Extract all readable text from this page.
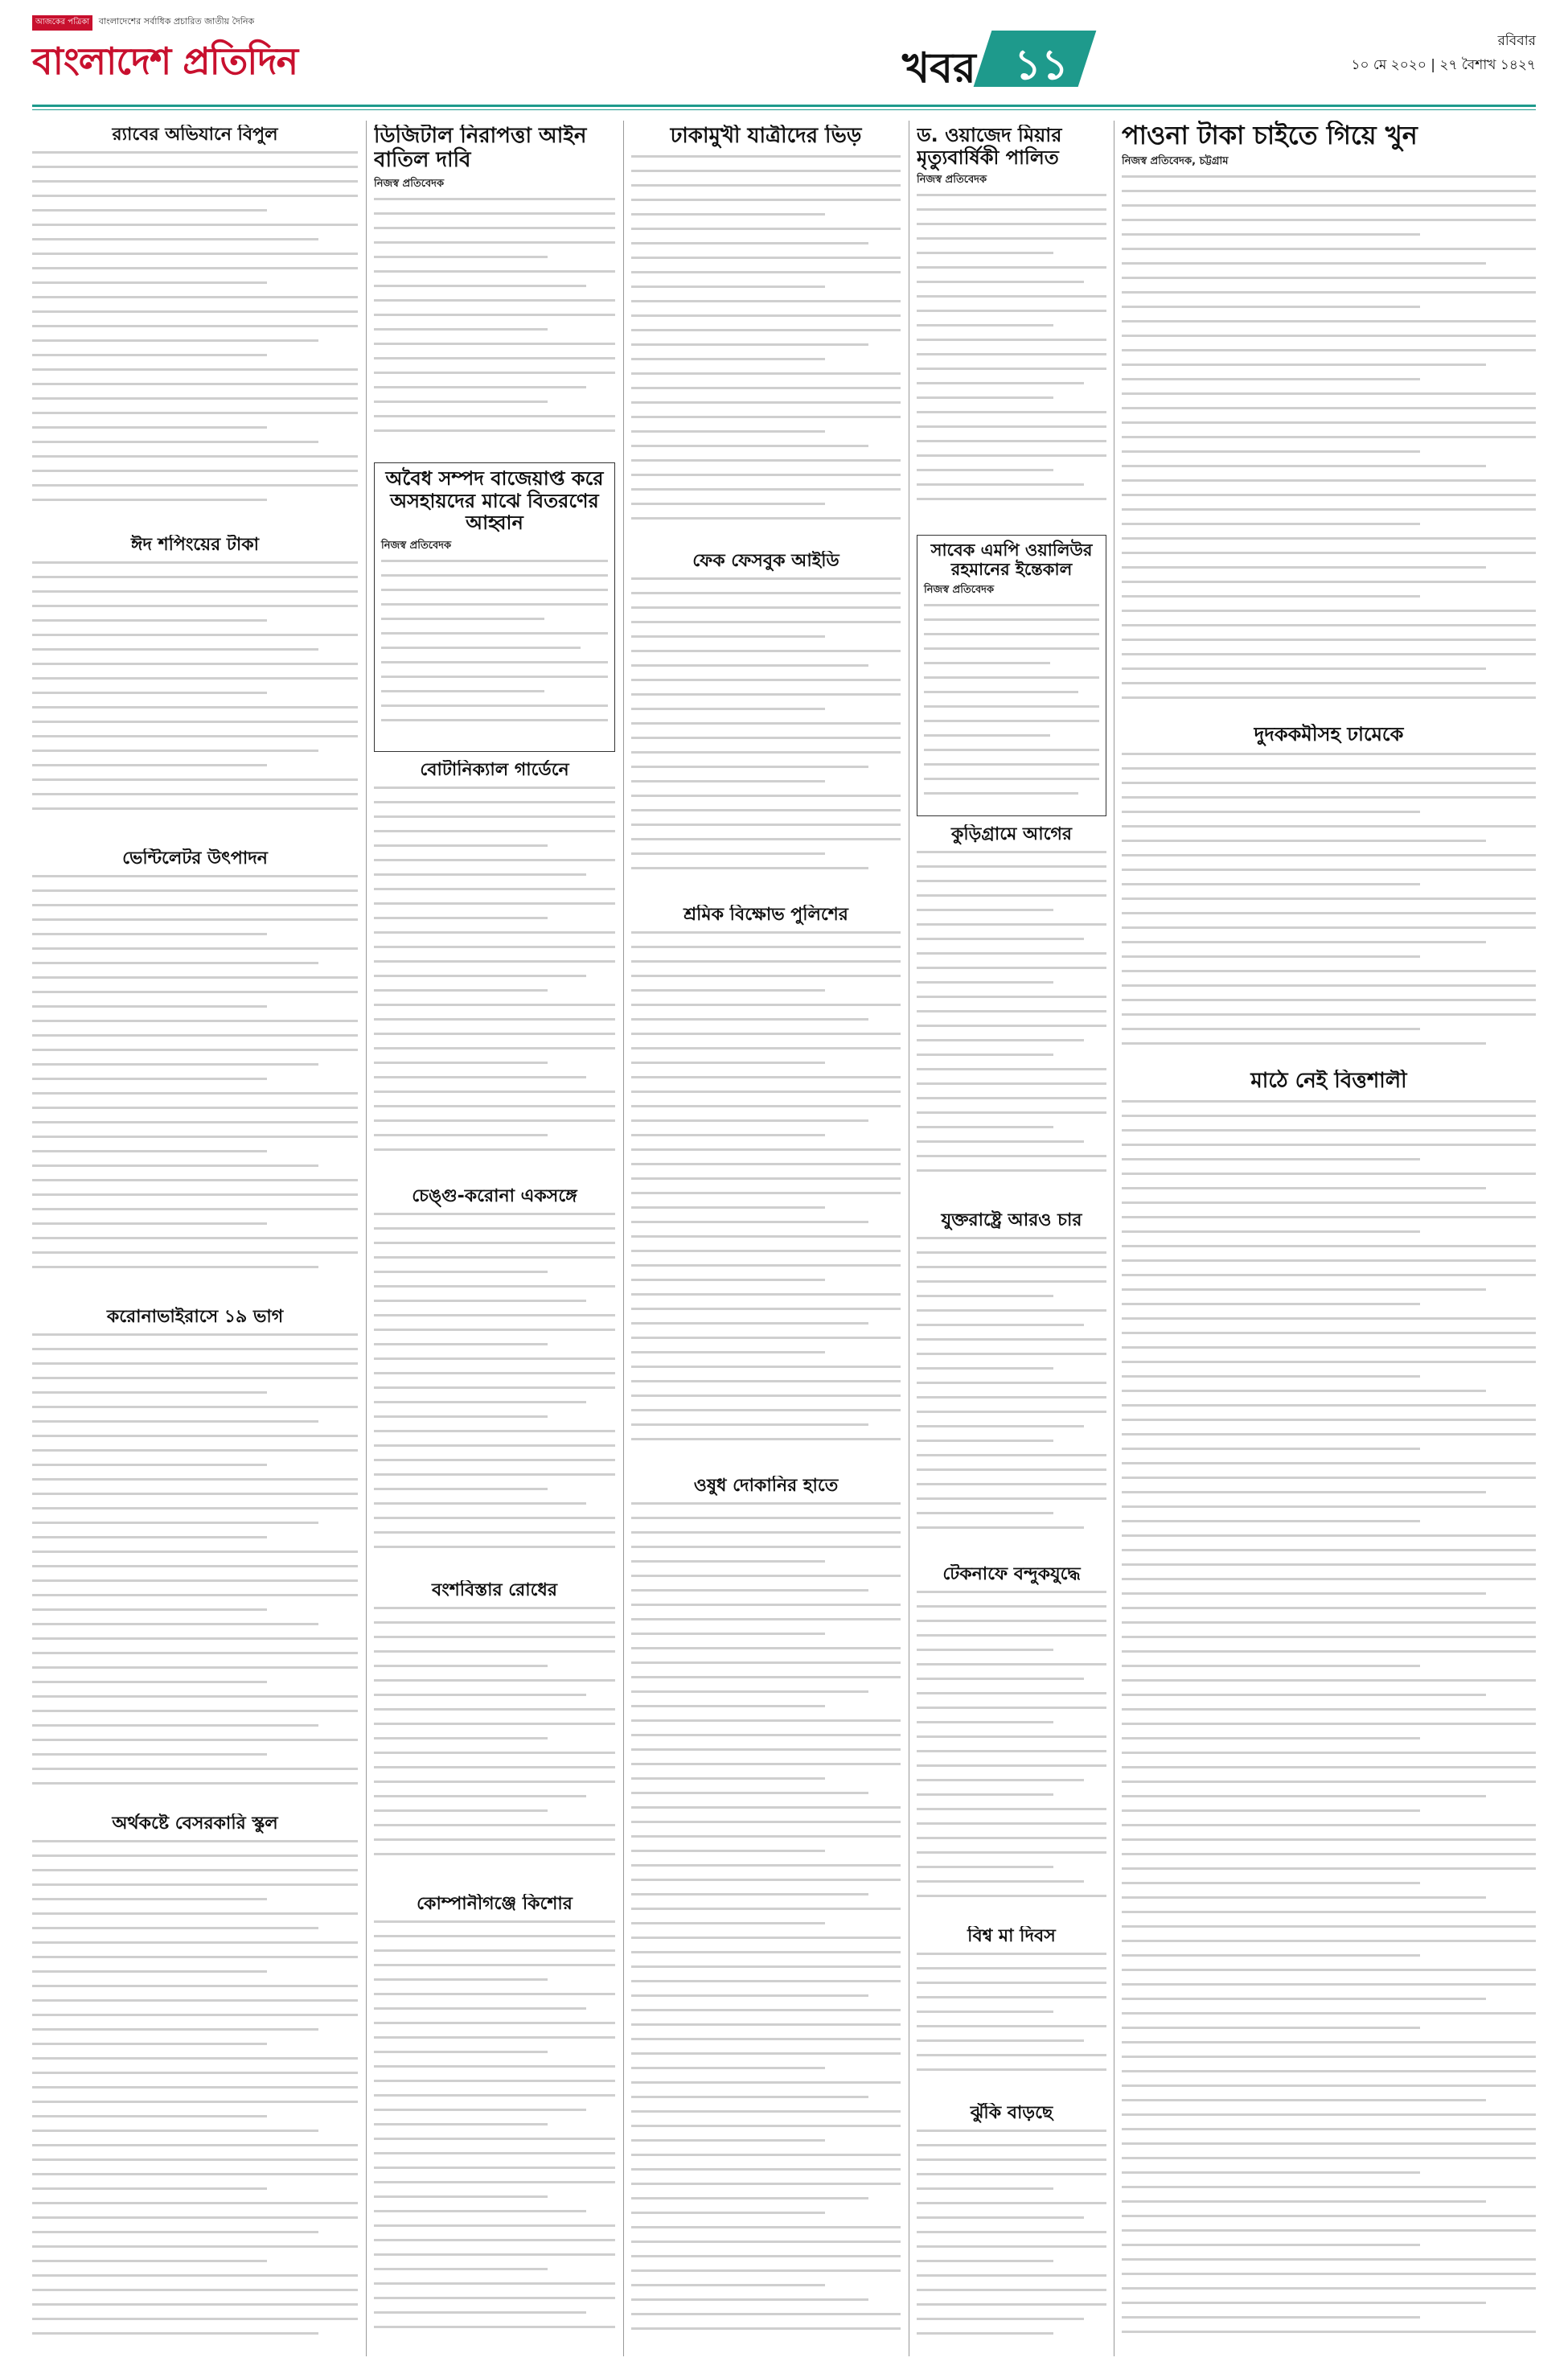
আজকের পত্রিকা বাংলাদেশের সর্বাধিক প্রচারিত জাতীয় দৈনিক
বাংলাদেশ প্রতিদিন	খবর ১১	রবিবার
১০ মে ২০২০ | ২৭ বৈশাখ ১৪২৭
র‌্যাবের অভিযানে বিপুল
ঈদ শপিংয়ের টাকা
ভেন্টিলেটর উৎপাদন
করোনাভাইরাসে ১৯ ভাগ
অর্থকষ্টে বেসরকারি স্কুল
ডিজিটাল নিরাপত্তা আইন বাতিল দাবি
নিজস্ব প্রতিবেদক
অবৈধ সম্পদ বাজেয়াপ্ত করে অসহায়দের মাঝে বিতরণের আহ্বান
নিজস্ব প্রতিবেদক
বোটানিক্যাল গার্ডেনে
চেঙ্গু-করোনা একসঙ্গে
বংশবিস্তার রোধের
কোম্পানীগঞ্জে কিশোর
ঢাকামুখী যাত্রীদের ভিড়
ফেক ফেসবুক আইডি
শ্রমিক বিক্ষোভ পুলিশের
ওষুধ দোকানির হাতে
ড. ওয়াজেদ মিয়ার মৃত্যুবার্ষিকী পালিত
নিজস্ব প্রতিবেদক
সাবেক এমপি ওয়ালিউর রহমানের ইন্তেকাল
নিজস্ব প্রতিবেদক
কুড়িগ্রামে আগের
যুক্তরাষ্ট্রে আরও চার
টেকনাফে বন্দুকযুদ্ধে
বিশ্ব মা দিবস
ঝুঁকি বাড়ছে
পাওনা টাকা চাইতে গিয়ে খুন
নিজস্ব প্রতিবেদক, চট্টগ্রাম
দুদককমীসহ ঢামেকে
মাঠে নেই বিত্তশালী
